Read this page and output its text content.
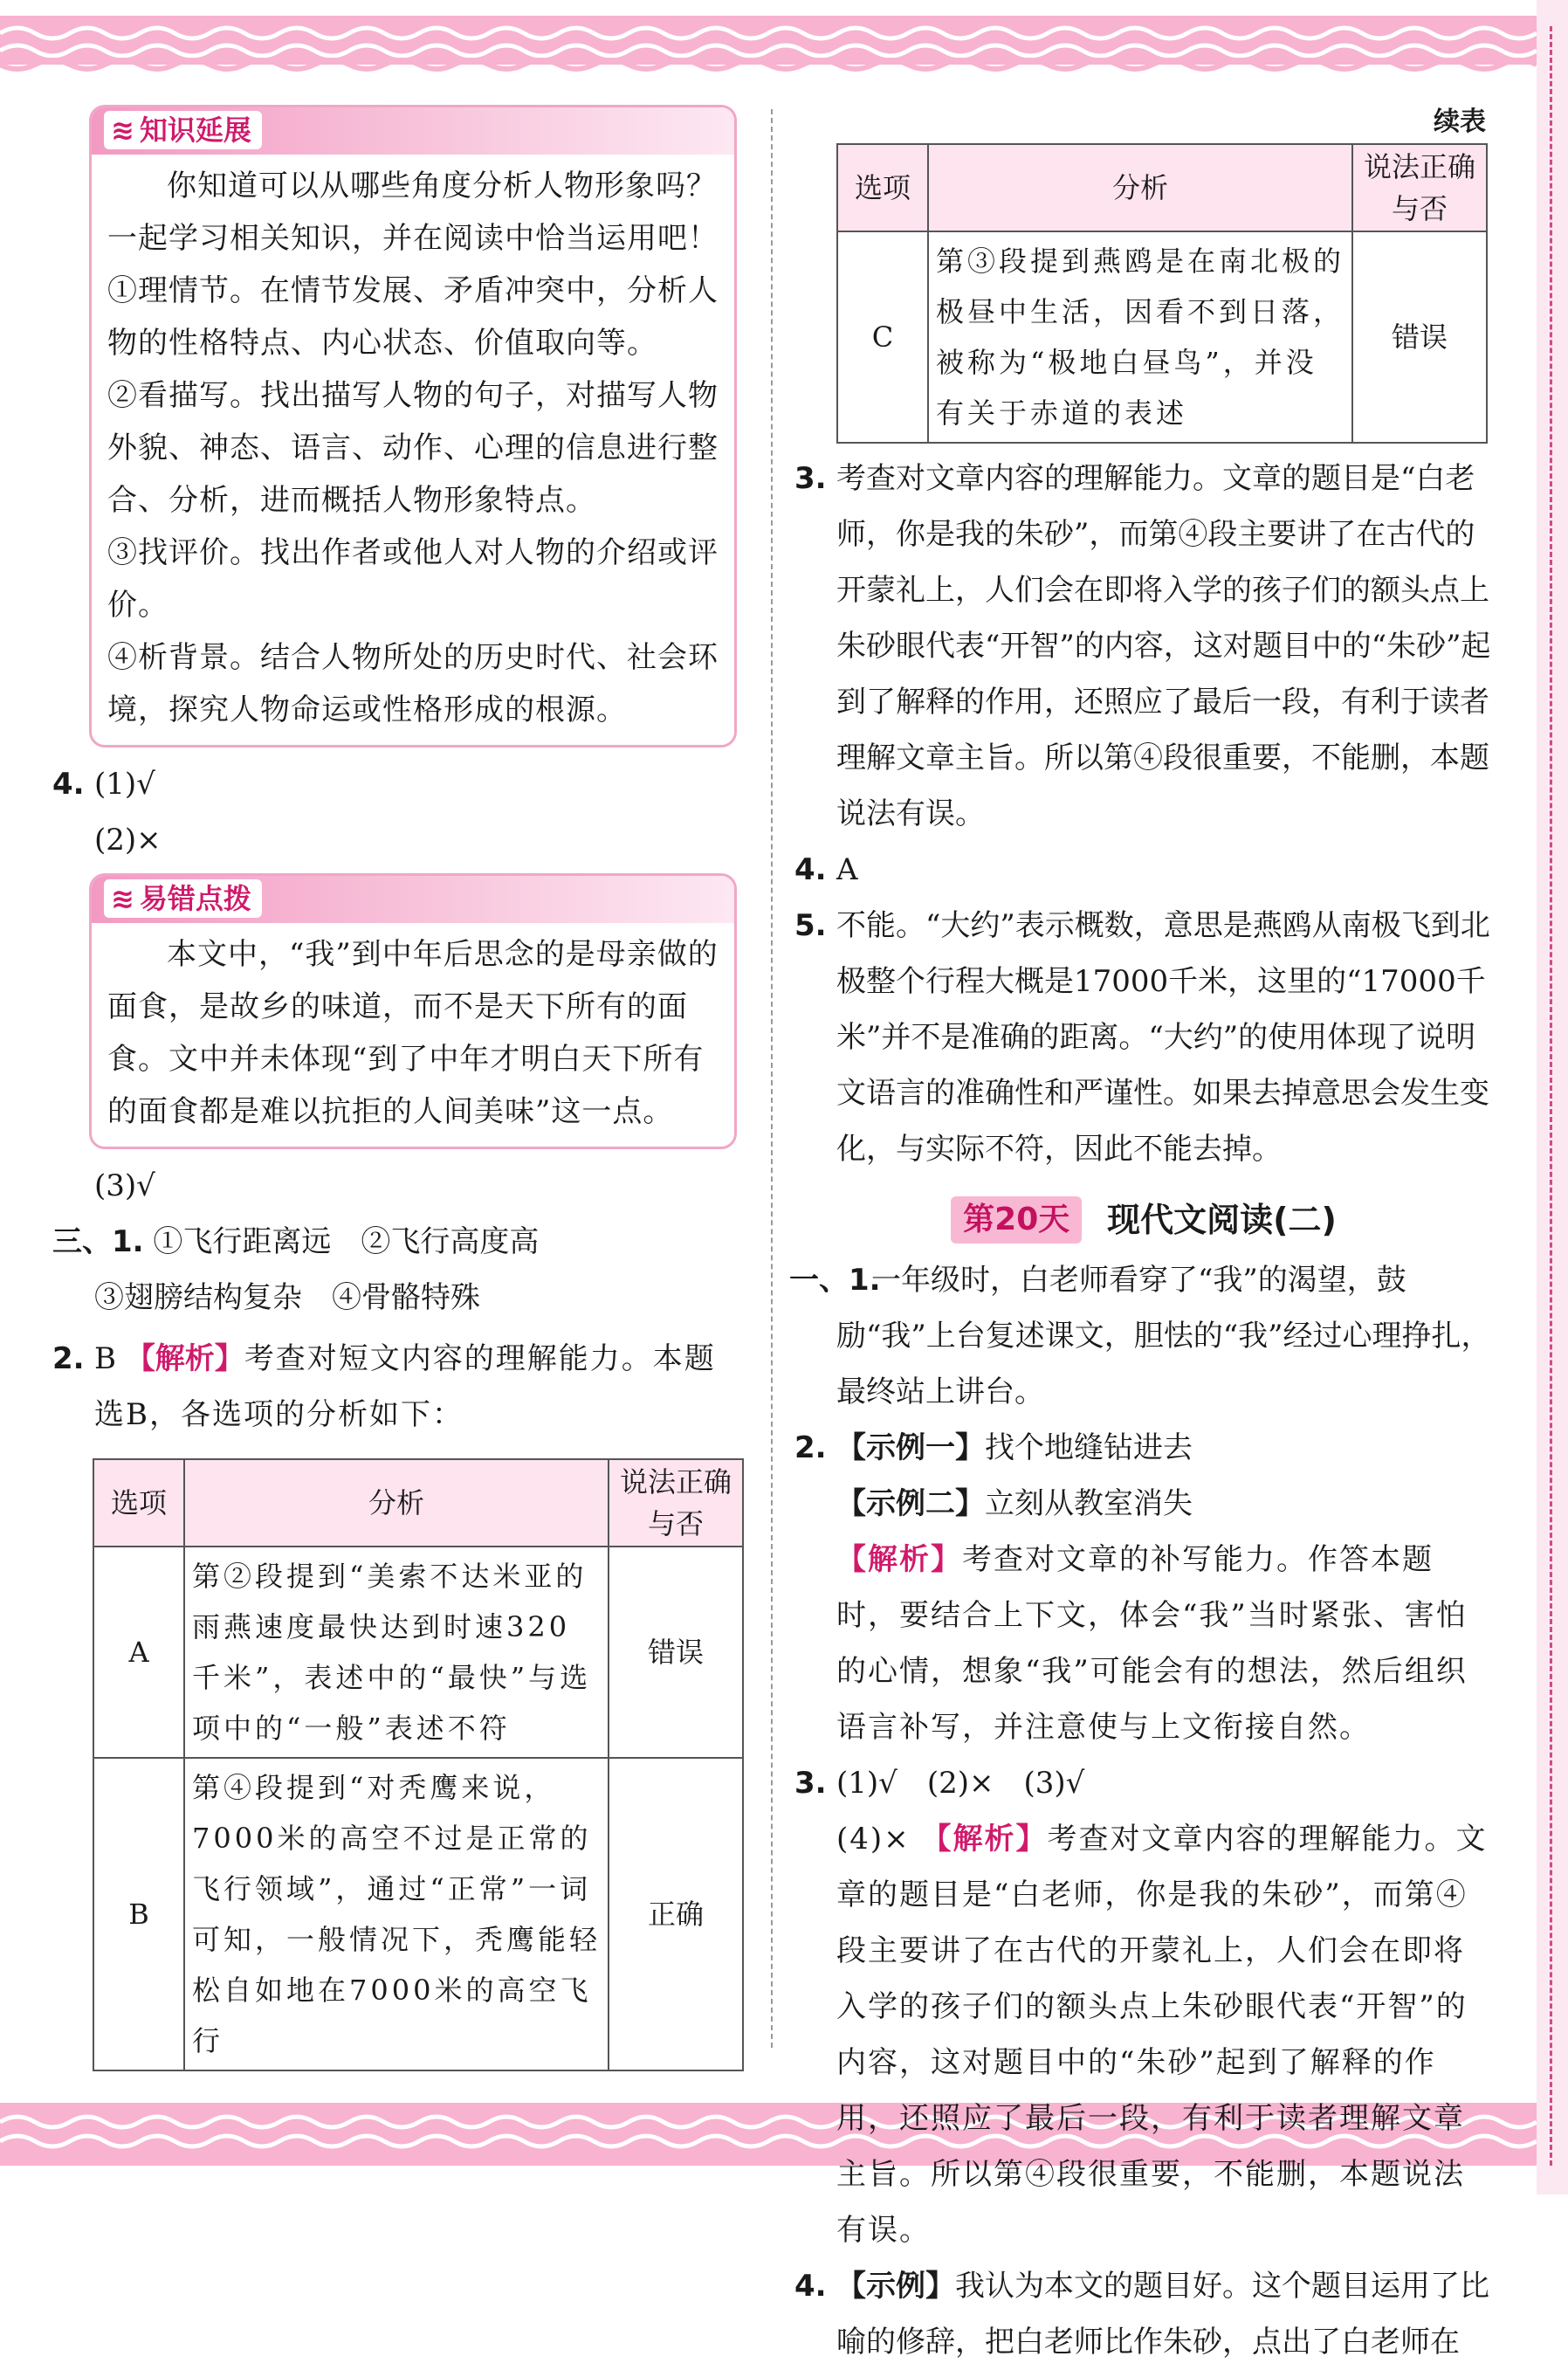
≋ 知识延展

你知道可以从哪些角度分析人物形象吗？一起学习相关知识，并在阅读中恰当运用吧！

①理情节。在情节发展、矛盾冲突中，分析人物的性格特点、内心状态、价值取向等。

②看描写。找出描写人物的句子，对描写人物外貌、神态、语言、动作、心理的信息进行整合、分析，进而概括人物形象特点。

③找评价。找出作者或他人对人物的介绍或评价。

④析背景。结合人物所处的历史时代、社会环境，探究人物命运或性格形成的根源。

4. (1)√
(2)×
≋ 易错点拨

本文中，“我”到中年后思念的是母亲做的面食，是故乡的味道，而不是天下所有的面食。文中并未体现“到了中年才明白天下所有的面食都是难以抗拒的人间美味”这一点。

(3)√
三、1. ①飞行距离远　②飞行高度高
③翅膀结构复杂　④骨骼特殊
2. B 【解析】考查对短文内容的理解能力。本题选B，各选项的分析如下：
选项	分析	说法正确与否
A	第②段提到“美索不达米亚的雨燕速度最快达到时速320千米”，表述中的“最快”与选项中的“一般”表述不符	错误
B	第④段提到“对秃鹰来说，7000米的高空不过是正常的飞行领域”，通过“正常”一词可知，一般情况下，秃鹰能轻松自如地在7000米的高空飞行	正确
续表
选项	分析	说法正确与否
C	第③段提到燕鸥是在南北极的极昼中生活，因看不到日落，被称为“极地白昼鸟”，并没有关于赤道的表述	错误
3. 考查对文章内容的理解能力。文章的题目是“白老师，你是我的朱砂”，而第④段主要讲了在古代的开蒙礼上，人们会在即将入学的孩子们的额头点上朱砂眼代表“开智”的内容，这对题目中的“朱砂”起到了解释的作用，还照应了最后一段，有利于读者理解文章主旨。所以第④段很重要，不能删，本题说法有误。
4. A
5. 不能。“大约”表示概数，意思是燕鸥从南极飞到北极整个行程大概是17000千米，这里的“17000千米”并不是准确的距离。“大约”的使用体现了说明文语言的准确性和严谨性。如果去掉意思会发生变化，与实际不符，因此不能去掉。
第20天 现代文阅读(二)
一、1.
一年级时，白老师看穿了“我”的渴望，鼓励“我”上台复述课文，胆怯的“我”经过心理挣扎，最终站上讲台。
2. 【示例一】找个地缝钻进去
【示例二】立刻从教室消失
【解析】考查对文章的补写能力。作答本题时，要结合上下文，体会“我”当时紧张、害怕的心情，想象“我”可能会有的想法，然后组织语言补写，并注意使与上文衔接自然。
3. (1)√　(2)×　(3)√
(4)× 【解析】考查对文章内容的理解能力。文章的题目是“白老师，你是我的朱砂”，而第④段主要讲了在古代的开蒙礼上，人们会在即将入学的孩子们的额头点上朱砂眼代表“开智”的内容，这对题目中的“朱砂”起到了解释的作用，还照应了最后一段，有利于读者理解文章主旨。所以第④段很重要，不能删，本题说法有误。
4. 【示例】我认为本文的题目好。这个题目运用了比喻的修辞，把白老师比作朱砂，点出了白老师在
